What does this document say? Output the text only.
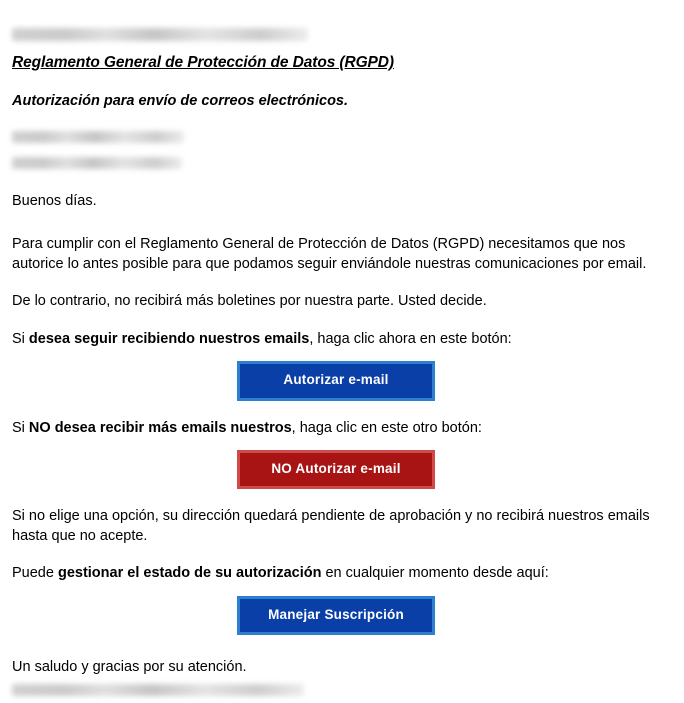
Reglamento General de Protección de Datos (RGPD)
Autorización para envío de correos electrónicos.

Buenos días.

Para cumplir con el Reglamento General de Protección de Datos (RGPD) necesitamos que nos autorice lo antes posible para que podamos seguir enviándole nuestras comunicaciones por email.

De lo contrario, no recibirá más boletines por nuestra parte. Usted decide.

Si desea seguir recibiendo nuestros emails, haga clic ahora en este botón:

Autorizar e-mail

Si NO desea recibir más emails nuestros, haga clic en este otro botón:

NO Autorizar e-mail

Si no elige una opción, su dirección quedará pendiente de aprobación y no recibirá nuestros emails hasta que no acepte.

Puede gestionar el estado de su autorización en cualquier momento desde aquí:

Manejar Suscripción

Un saludo y gracias por su atención.
